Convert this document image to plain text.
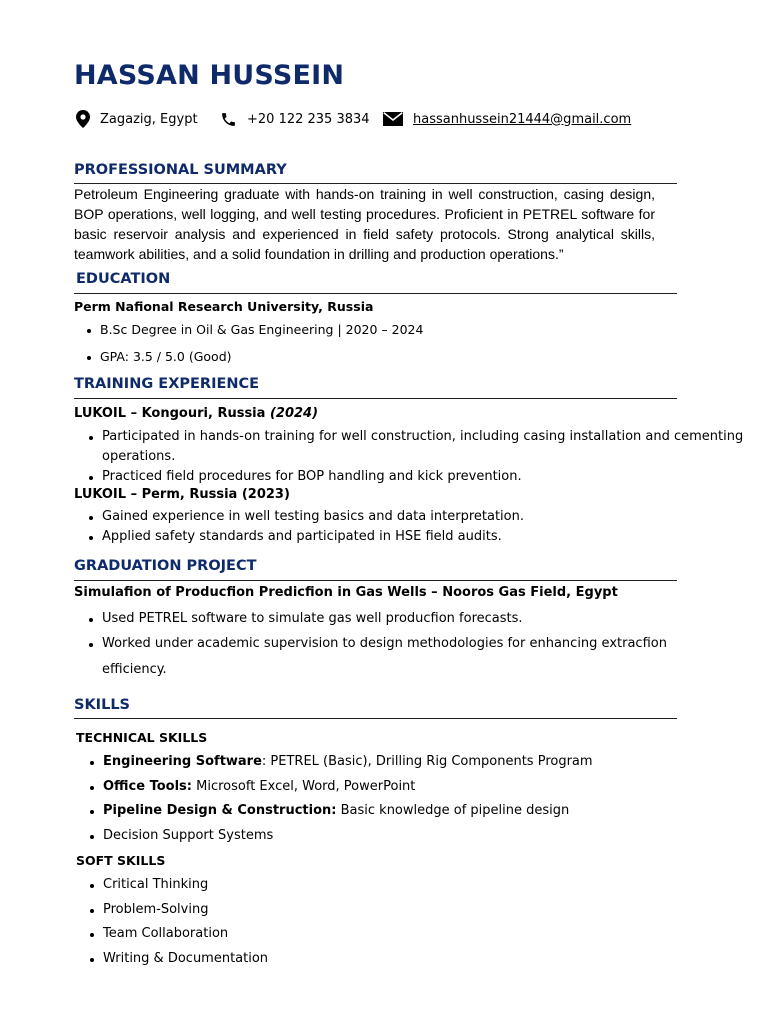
HASSAN HUSSEIN
Zagazig, Egypt	+20 122 235 3834	hassanhussein21444@gmail.com
PROFESSIONAL SUMMARY

Petroleum Engineering graduate with hands-on training in well construction, casing design, BOP operations, well logging, and well testing procedures. Proficient in PETREL software for basic reservoir analysis and experienced in field safety protocols. Strong analytical skills, teamwork abilities, and a solid foundation in drilling and production operations.”

EDUCATION

Perm Nafional Research University, Russia

B.Sc Degree in Oil & Gas Engineering | 2020 – 2024
GPA: 3.5 / 5.0 (Good)
TRAINING EXPERIENCE

LUKOIL – Kongouri, Russia (2024)

Participated in hands-on training for well construction, including casing installation and cementing
operations.
Practiced field procedures for BOP handling and kick prevention.

LUKOIL – Perm, Russia (2023)

Gained experience in well testing basics and data interpretation.
Applied safety standards and participated in HSE field audits.
GRADUATION PROJECT

Simulafion of Producfion Predicfion in Gas Wells – Nooros Gas Field, Egypt

Used PETREL software to simulate gas well producfion forecasts.
Worked under academic supervision to design methodologies for enhancing extracfion
efficiency.
SKILLS

TECHNICAL SKILLS

Engineering Software: PETREL (Basic), Drilling Rig Components Program
Office Tools: Microsoft Excel, Word, PowerPoint
Pipeline Design & Construction: Basic knowledge of pipeline design
Decision Support Systems

SOFT SKILLS

Critical Thinking
Problem-Solving
Team Collaboration
Writing & Documentation
